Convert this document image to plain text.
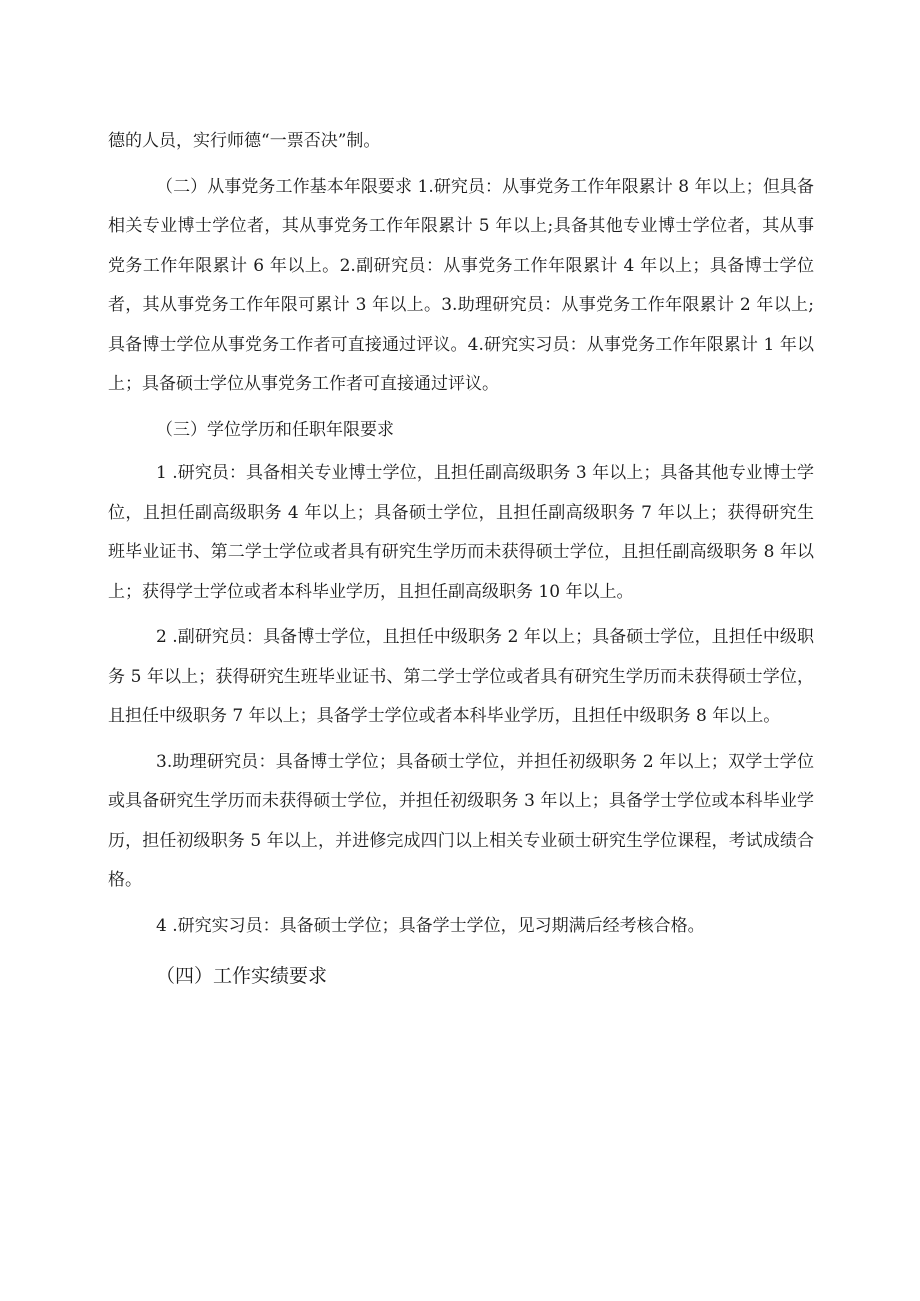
德的人员，实行师德“一票否决”制。

（二）从事党务工作基本年限要求 1.研究员：从事党务工作年限累计 8 年以上；但具备相关专业博士学位者，其从事党务工作年限累计 5 年以上;具备其他专业博士学位者，其从事党务工作年限累计 6 年以上。2.副研究员：从事党务工作年限累计 4 年以上；具备博士学位者，其从事党务工作年限可累计 3 年以上。3.助理研究员：从事党务工作年限累计 2 年以上;具备博士学位从事党务工作者可直接通过评议。4.研究实习员：从事党务工作年限累计 1 年以上；具备硕士学位从事党务工作者可直接通过评议。

（三）学位学历和任职年限要求

1 .研究员：具备相关专业博士学位，且担任副高级职务 3 年以上；具备其他专业博士学位，且担任副高级职务 4 年以上；具备硕士学位，且担任副高级职务 7 年以上；获得研究生班毕业证书、第二学士学位或者具有研究生学历而未获得硕士学位，且担任副高级职务 8 年以上；获得学士学位或者本科毕业学历，且担任副高级职务 10 年以上。

2 .副研究员：具备博士学位，且担任中级职务 2 年以上；具备硕士学位，且担任中级职务 5 年以上；获得研究生班毕业证书、第二学士学位或者具有研究生学历而未获得硕士学位，且担任中级职务 7 年以上；具备学士学位或者本科毕业学历，且担任中级职务 8 年以上。

3.助理研究员：具备博士学位；具备硕士学位，并担任初级职务 2 年以上；双学士学位或具备研究生学历而未获得硕士学位，并担任初级职务 3 年以上；具备学士学位或本科毕业学历，担任初级职务 5 年以上，并进修完成四门以上相关专业硕士研究生学位课程，考试成绩合格。

4 .研究实习员：具备硕士学位；具备学士学位，见习期满后经考核合格。

（四）工作实绩要求
